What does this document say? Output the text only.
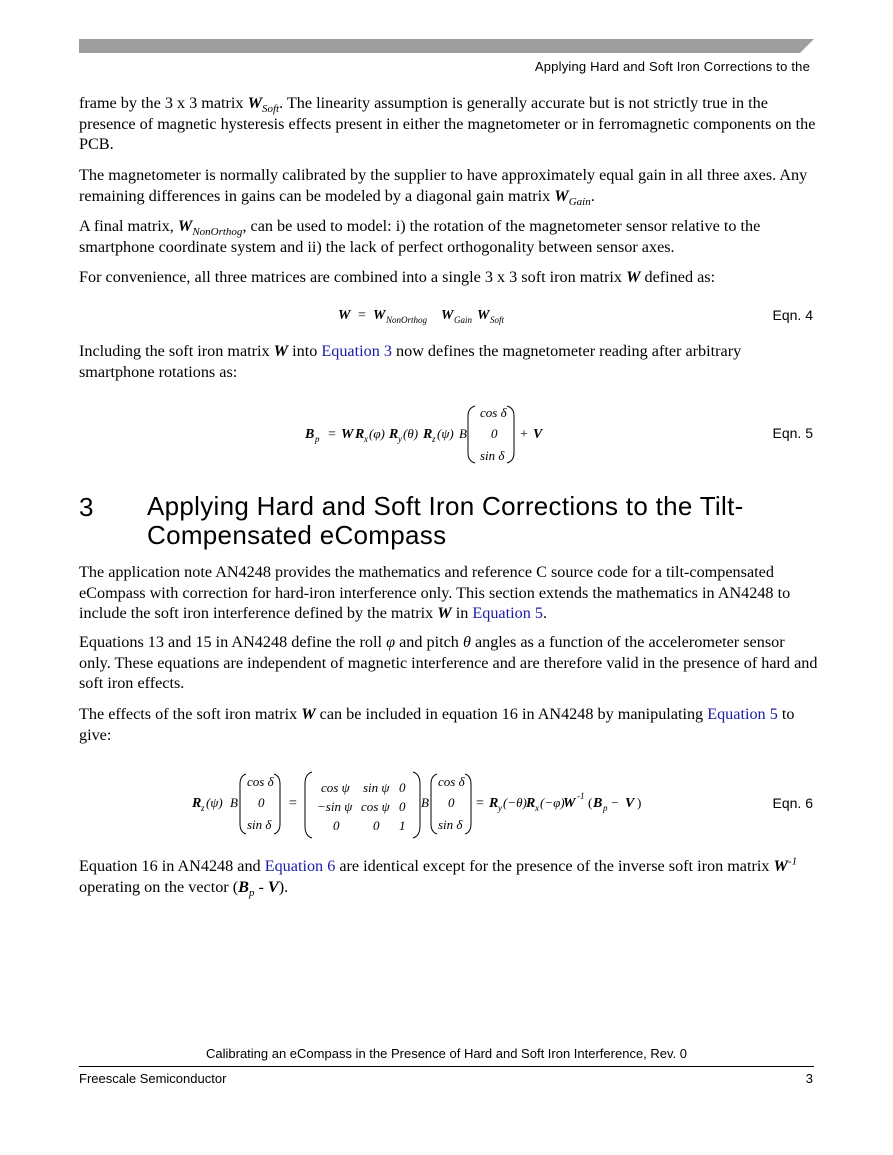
Applying Hard and Soft Iron Corrections to the

frame by the 3 x 3 matrix $W_{Soft}$. The linearity assumption is generally accurate but is not strictly true in the presence of magnetic hysteresis effects present in either the magnetometer or in ferromagnetic components on the PCB.

The magnetometer is normally calibrated by the supplier to have approximately equal gain in all three axes. Any remaining differences in gains can be modeled by a diagonal gain matrix $W_{Gain}$.

A final matrix, $W_{NonOrthog}$, can be used to model: i) the rotation of the magnetometer sensor relative to the smartphone coordinate system and ii) the lack of perfect orthogonality between sensor axes.

For convenience, all three matrices are combined into a single 3 x 3 soft iron matrix W defined as:

W = W NonOrthog W Gain W Soft	Eqn. 4

Including the soft iron matrix W into Equation 3 now defines the magnetometer reading after arbitrary smartphone rotations as:

B p = W R x (φ) R y (θ) R z (ψ) B
cos δ
0
sin δ
+ V	Eqn. 5
3 Applying Hard and Soft Iron Corrections to the Tilt-Compensated eCompass

The application note AN4248 provides the mathematics and reference C source code for a tilt-compensated eCompass with correction for hard-iron interference only. This section extends the mathematics in AN4248 to include the soft iron interference defined by the matrix W in Equation 5.

Equations 13 and 15 in AN4248 define the roll φ and pitch θ angles as a function of the accelerometer sensor only. These equations are independent of magnetic interference and are therefore valid in the presence of hard and soft iron effects.

The effects of the soft iron matrix W can be included in equation 16 in AN4248 by manipulating Equation 5 to give:

R z (ψ) B
cos δ
0
sin δ
=
cos ψ sin ψ 0
−sin ψ cos ψ 0
0	0 1
B
cos δ
0
sin δ
= R y (−θ) R x (−φ)
W -1 ( B p − V )	Eqn. 6

Equation 16 in AN4248 and Equation 6 are identical except for the presence of the inverse soft iron matrix $W^{-1}$ operating on the vector $(B_p - V)$.

Calibrating an eCompass in the Presence of Hard and Soft Iron Interference, Rev. 0
Freescale Semiconductor	3
